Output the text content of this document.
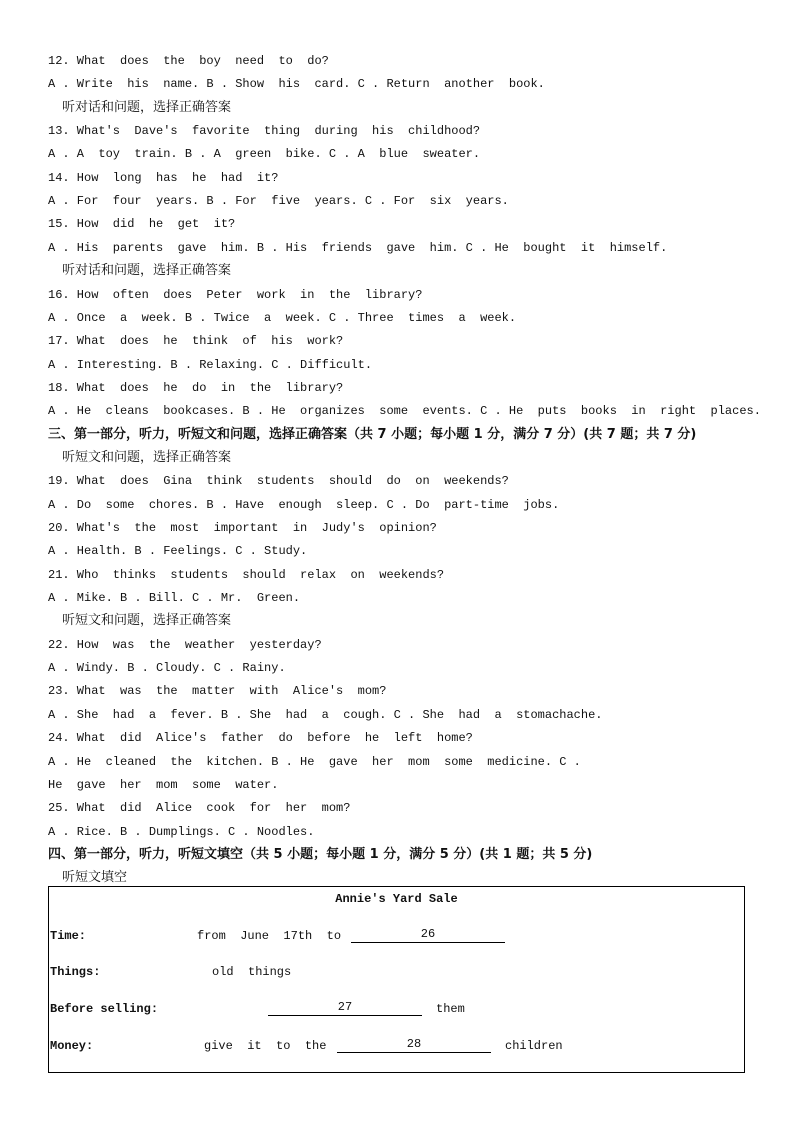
12. What  does  the  boy  need  to  do?
A . Write  his  name. B . Show  his  card. C . Return  another  book.
听对话和问题，选择正确答案
13. What's  Dave's  favorite  thing  during  his  childhood?
A . A  toy  train. B . A  green  bike. C . A  blue  sweater.
14. How  long  has  he  had  it?
A . For  four  years. B . For  five  years. C . For  six  years.
15. How  did  he  get  it?
A . His  parents  gave  him. B . His  friends  gave  him. C . He  bought  it  himself.
听对话和问题，选择正确答案
16. How  often  does  Peter  work  in  the  library?
A . Once  a  week. B . Twice  a  week. C . Three  times  a  week.
17. What  does  he  think  of  his  work?
A . Interesting. B . Relaxing. C . Difficult.
18. What  does  he  do  in  the  library?
A . He  cleans  bookcases. B . He  organizes  some  events. C . He  puts  books  in  right  places.
三、第一部分，听力，听短文和问题，选择正确答案（共 7 小题；每小题 1 分，满分 7 分）(共 7 题；共 7 分)
听短文和问题，选择正确答案
19. What  does  Gina  think  students  should  do  on  weekends?
A . Do  some  chores. B . Have  enough  sleep. C . Do  part-time  jobs.
20. What's  the  most  important  in  Judy's  opinion?
A . Health. B . Feelings. C . Study.
21. Who  thinks  students  should  relax  on  weekends?
A . Mike. B . Bill. C . Mr.  Green.
听短文和问题，选择正确答案
22. How  was  the  weather  yesterday?
A . Windy. B . Cloudy. C . Rainy.
23. What  was  the  matter  with  Alice's  mom?
A . She  had  a  fever. B . She  had  a  cough. C . She  had  a  stomachache.
24. What  did  Alice's  father  do  before  he  left  home?
A . He  cleaned  the  kitchen. B . He  gave  her  mom  some  medicine. C .
He  gave  her  mom  some  water.
25. What  did  Alice  cook  for  her  mom?
A . Rice. B . Dumplings. C . Noodles.
四、第一部分，听力，听短文填空（共 5 小题；每小题 1 分，满分 5 分）(共 1 题；共 5 分)
听短文填空
Annie's Yard Sale
Time:	from  June  17th  to	26
Things:	old  things
Before selling:	27	them
Money:	give  it  to  the	28	children
